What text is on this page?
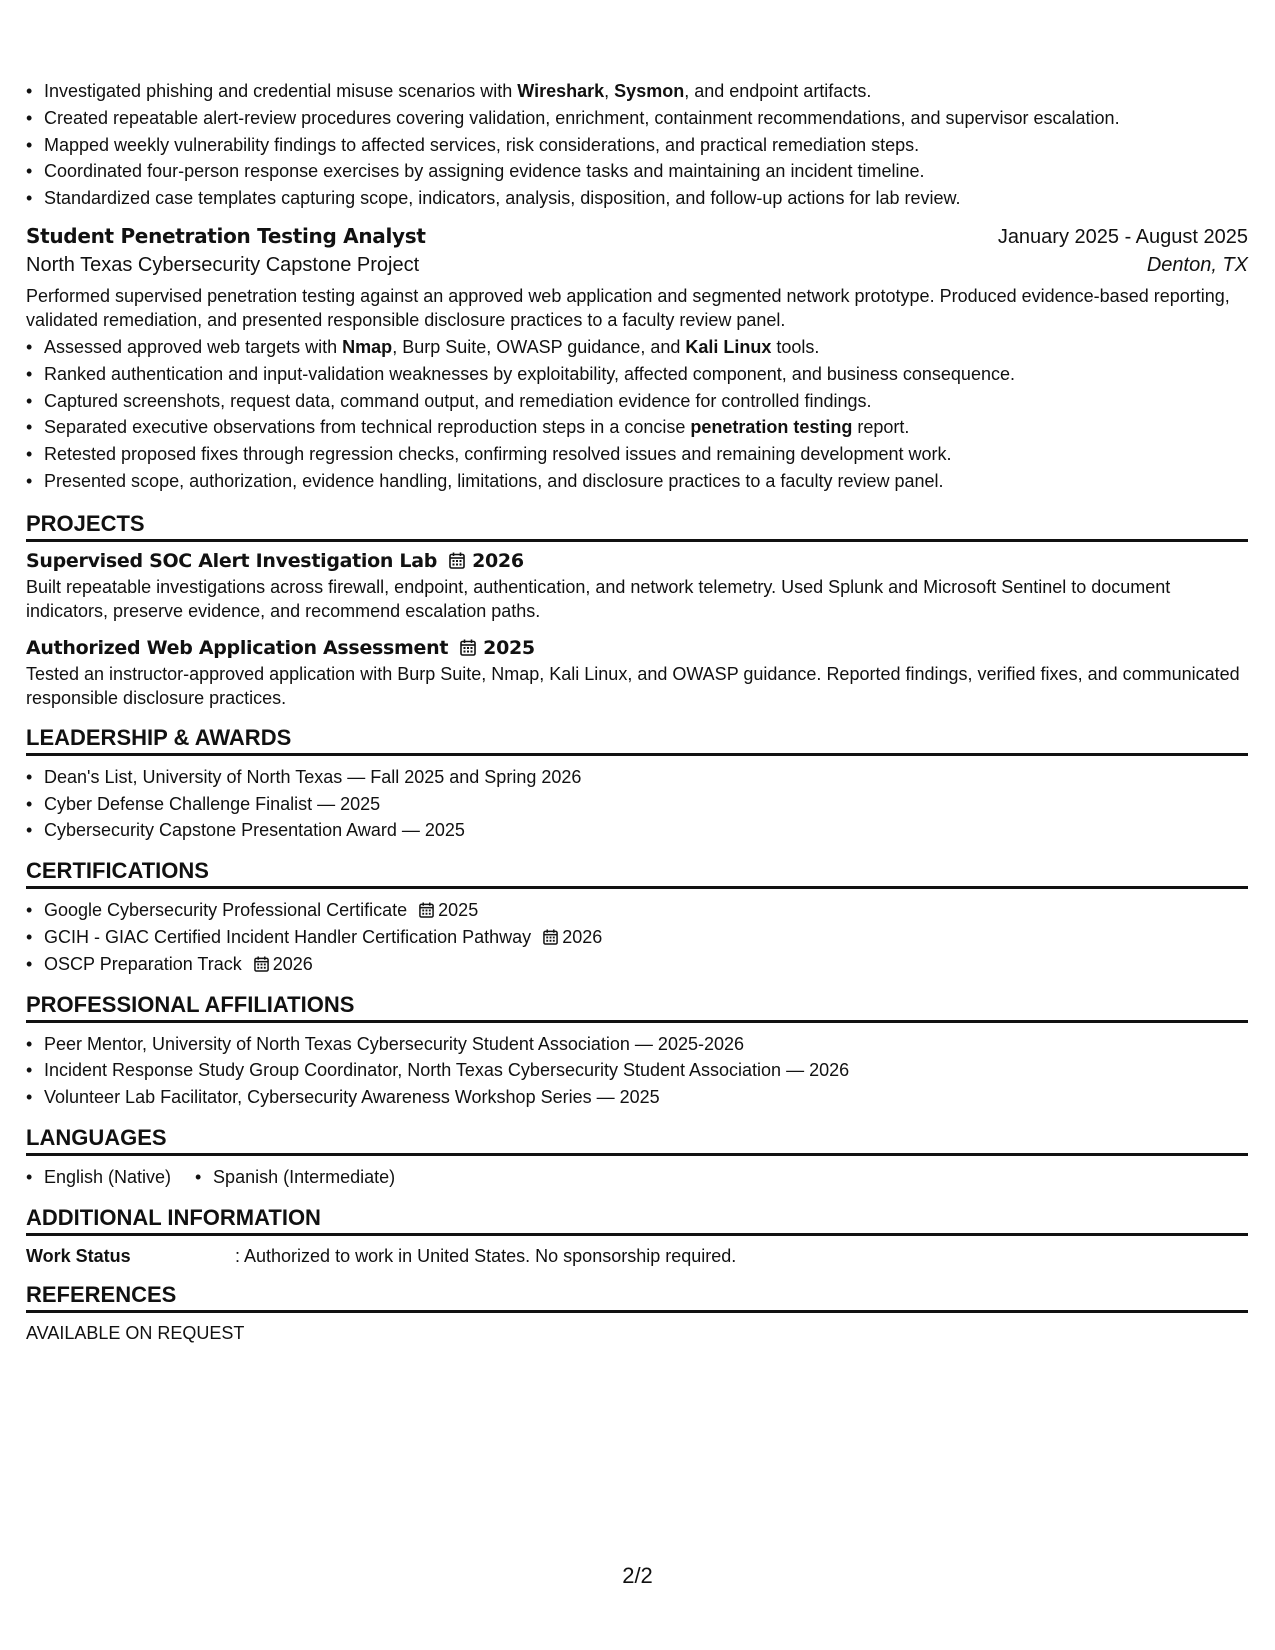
• Investigated phishing and credential misuse scenarios with Wireshark, Sysmon, and endpoint artifacts.
• Created repeatable alert-review procedures covering validation, enrichment, containment recommendations, and supervisor escalation.
• Mapped weekly vulnerability findings to affected services, risk considerations, and practical remediation steps.
• Coordinated four-person response exercises by assigning evidence tasks and maintaining an incident timeline.
• Standardized case templates capturing scope, indicators, analysis, disposition, and follow-up actions for lab review.
Student Penetration Testing Analyst	January 2025 - August 2025
North Texas Cybersecurity Capstone Project	Denton, TX
Performed supervised penetration testing against an approved web application and segmented network prototype. Produced evidence-based reporting, validated remediation, and presented responsible disclosure practices to a faculty review panel.
• Assessed approved web targets with Nmap, Burp Suite, OWASP guidance, and Kali Linux tools.
• Ranked authentication and input-validation weaknesses by exploitability, affected component, and business consequence.
• Captured screenshots, request data, command output, and remediation evidence for controlled findings.
• Separated executive observations from technical reproduction steps in a concise penetration testing report.
• Retested proposed fixes through regression checks, confirming resolved issues and remaining development work.
• Presented scope, authorization, evidence handling, limitations, and disclosure practices to a faculty review panel.
PROJECTS
Supervised SOC Alert Investigation Lab 2026
Built repeatable investigations across firewall, endpoint, authentication, and network telemetry. Used Splunk and Microsoft Sentinel to document indicators, preserve evidence, and recommend escalation paths.
Authorized Web Application Assessment 2025
Tested an instructor-approved application with Burp Suite, Nmap, Kali Linux, and OWASP guidance. Reported findings, verified fixes, and communicated responsible disclosure practices.
LEADERSHIP & AWARDS
• Dean's List, University of North Texas — Fall 2025 and Spring 2026
• Cyber Defense Challenge Finalist — 2025
• Cybersecurity Capstone Presentation Award — 2025
CERTIFICATIONS
• Google Cybersecurity Professional Certificate 2025
• GCIH - GIAC Certified Incident Handler Certification Pathway 2026
• OSCP Preparation Track 2026
PROFESSIONAL AFFILIATIONS
• Peer Mentor, University of North Texas Cybersecurity Student Association — 2025-2026
• Incident Response Study Group Coordinator, North Texas Cybersecurity Student Association — 2026
• Volunteer Lab Facilitator, Cybersecurity Awareness Workshop Series — 2025
LANGUAGES
• English (Native)
• Spanish (Intermediate)
ADDITIONAL INFORMATION
Work Status	: Authorized to work in United States. No sponsorship required.
REFERENCES
AVAILABLE ON REQUEST
2/2
